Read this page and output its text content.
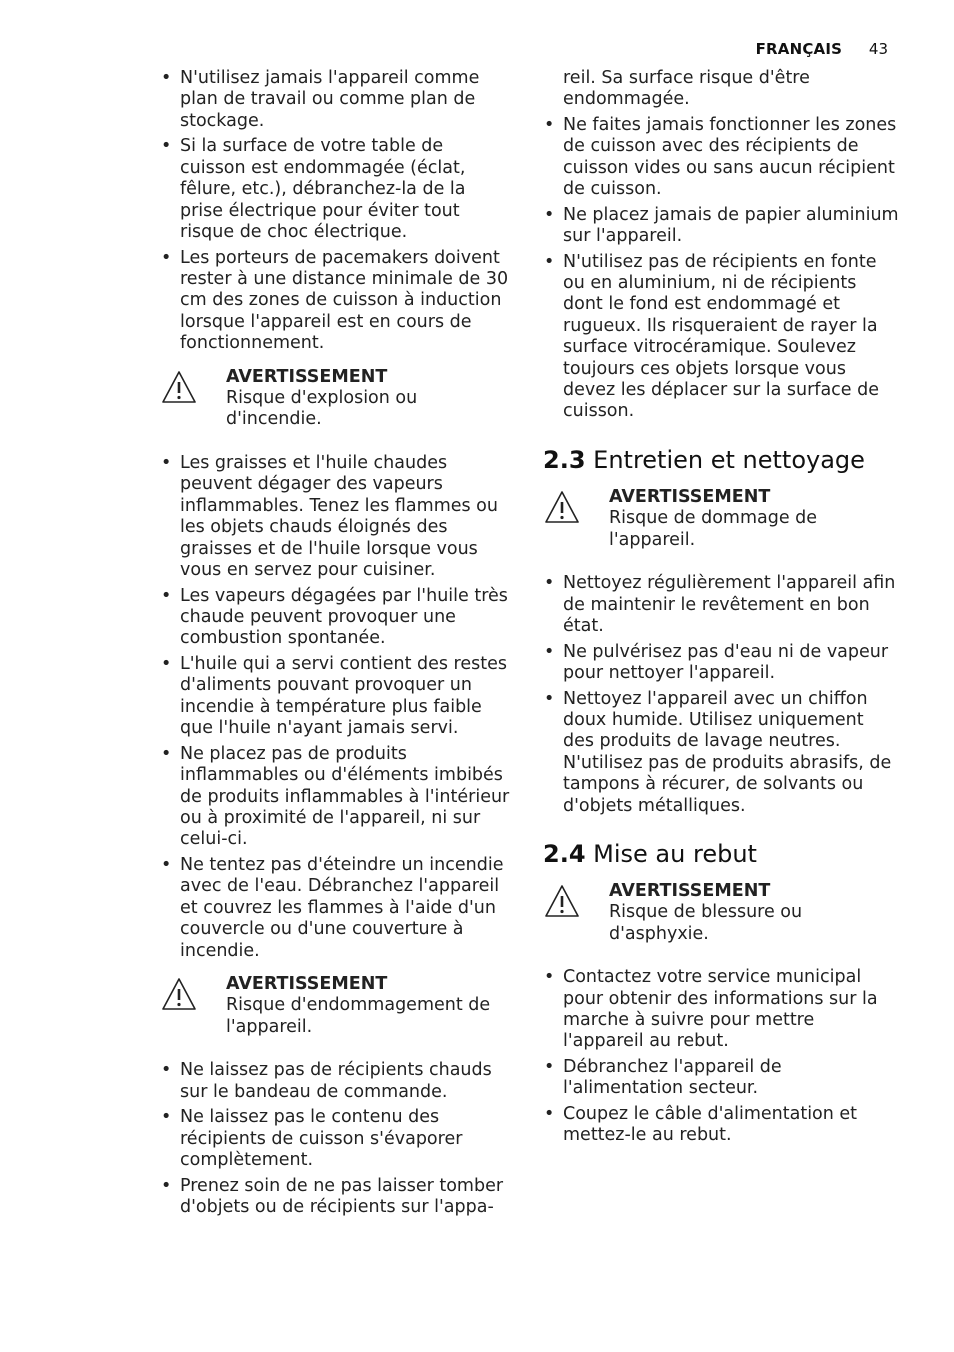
FRANÇAIS 43
• N'utilisez jamais l'appareil comme plan de travail ou comme plan de stockage.
• Si la surface de votre table de cuisson est endommagée (éclat, fêlure, etc.), débranchez-la de la prise électrique pour éviter tout risque de choc électrique.
• Les porteurs de pacemakers doivent rester à une distance minimale de 30 cm des zones de cuisson à induction lorsque l'appareil est en cours de fonctionnement.
AVERTISSEMENT
Risque d'explosion ou d'incendie.
• Les graisses et l'huile chaudes peuvent dégager des vapeurs inflammables. Tenez les flammes ou les objets chauds éloignés des graisses et de l'huile lorsque vous vous en servez pour cuisiner.
• Les vapeurs dégagées par l'huile très chaude peuvent provoquer une combustion spontanée.
• L'huile qui a servi contient des restes d'aliments pouvant provoquer un incendie à température plus faible que l'huile n'ayant jamais servi.
• Ne placez pas de produits inflammables ou d'éléments imbibés de produits inflammables à l'intérieur ou à proximité de l'appareil, ni sur celui-ci.
• Ne tentez pas d'éteindre un incendie avec de l'eau. Débranchez l'appareil et couvrez les flammes à l'aide d'un couvercle ou d'une couverture à incendie.
AVERTISSEMENT
Risque d'endommagement de l'appareil.
• Ne laissez pas de récipients chauds sur le bandeau de commande.
• Ne laissez pas le contenu des récipients de cuisson s'évaporer complètement.
• Prenez soin de ne pas laisser tomber d'objets ou de récipients sur l'appa-
reil. Sa surface risque d'être endommagée.
• Ne faites jamais fonctionner les zones de cuisson avec des récipients de cuisson vides ou sans aucun récipient de cuisson.
• Ne placez jamais de papier aluminium sur l'appareil.
• N'utilisez pas de récipients en fonte ou en aluminium, ni de récipients dont le fond est endommagé et rugueux. Ils risqueraient de rayer la surface vitrocéramique. Soulevez toujours ces objets lorsque vous devez les déplacer sur la surface de cuisson.
2.3 Entretien et nettoyage
AVERTISSEMENT
Risque de dommage de l'appareil.
• Nettoyez régulièrement l'appareil afin de maintenir le revêtement en bon état.
• Ne pulvérisez pas d'eau ni de vapeur pour nettoyer l'appareil.
• Nettoyez l'appareil avec un chiffon doux humide. Utilisez uniquement des produits de lavage neutres. N'utilisez pas de produits abrasifs, de tampons à récurer, de solvants ou d'objets métalliques.
2.4 Mise au rebut
AVERTISSEMENT
Risque de blessure ou d'asphyxie.
• Contactez votre service municipal pour obtenir des informations sur la marche à suivre pour mettre l'appareil au rebut.
• Débranchez l'appareil de l'alimentation secteur.
• Coupez le câble d'alimentation et mettez-le au rebut.
